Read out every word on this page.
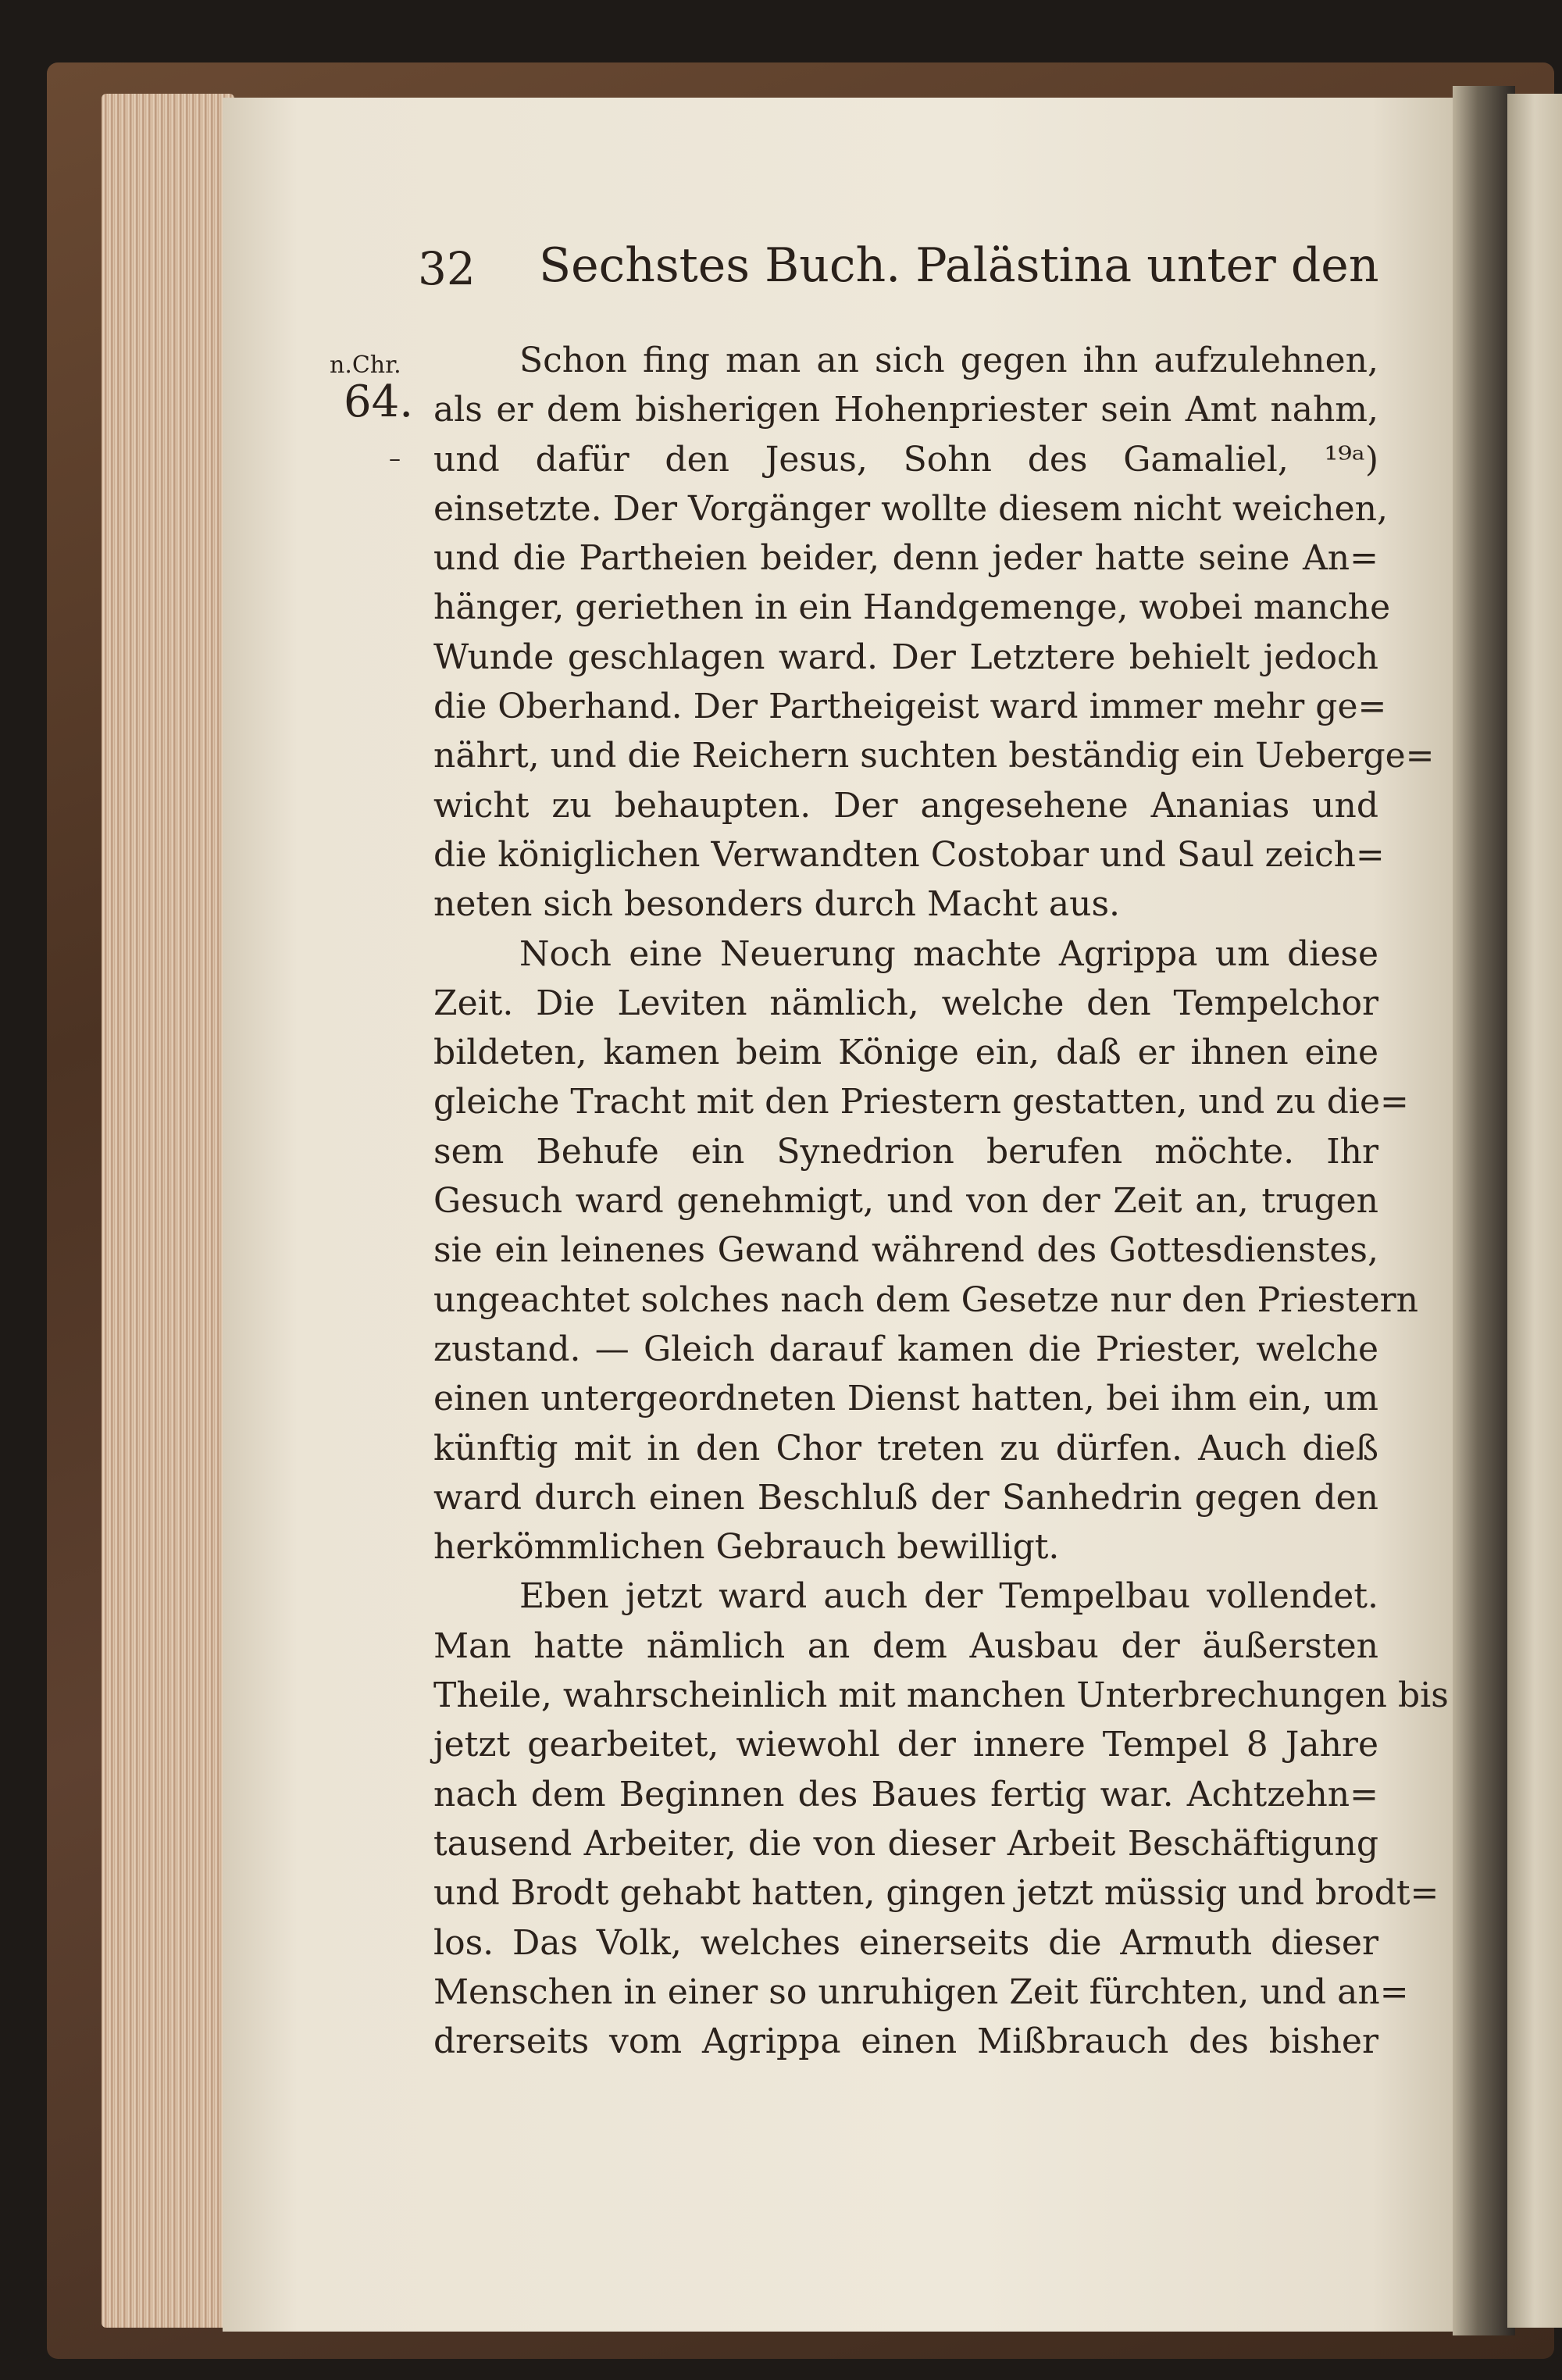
32 Sechstes Buch. Palästina unter den
n.Chr.
64.
–
Schon fing man an sich gegen ihn aufzulehnen,
als er dem bisherigen Hohenpriester sein Amt nahm,
und dafür den Jesus, Sohn des Gamaliel, ¹⁹ᵃ)
einsetzte. Der Vorgänger wollte diesem nicht weichen,
und die Partheien beider, denn jeder hatte seine An=
hänger, geriethen in ein Handgemenge, wobei manche
Wunde geschlagen ward. Der Letztere behielt jedoch
die Oberhand. Der Partheigeist ward immer mehr ge=
nährt, und die Reichern suchten beständig ein Ueberge=
wicht zu behaupten. Der angesehene Ananias und
die königlichen Verwandten Costobar und Saul zeich=
neten sich besonders durch Macht aus.
Noch eine Neuerung machte Agrippa um diese
Zeit. Die Leviten nämlich, welche den Tempelchor
bildeten, kamen beim Könige ein, daß er ihnen eine
gleiche Tracht mit den Priestern gestatten, und zu die=
sem Behufe ein Synedrion berufen möchte. Ihr
Gesuch ward genehmigt, und von der Zeit an, trugen
sie ein leinenes Gewand während des Gottesdienstes,
ungeachtet solches nach dem Gesetze nur den Priestern
zustand. — Gleich darauf kamen die Priester, welche
einen untergeordneten Dienst hatten, bei ihm ein, um
künftig mit in den Chor treten zu dürfen. Auch dieß
ward durch einen Beschluß der Sanhedrin gegen den
herkömmlichen Gebrauch bewilligt.
Eben jetzt ward auch der Tempelbau vollendet.
Man hatte nämlich an dem Ausbau der äußersten
Theile, wahrscheinlich mit manchen Unterbrechungen bis
jetzt gearbeitet, wiewohl der innere Tempel 8 Jahre
nach dem Beginnen des Baues fertig war. Achtzehn=
tausend Arbeiter, die von dieser Arbeit Beschäftigung
und Brodt gehabt hatten, gingen jetzt müssig und brodt=
los. Das Volk, welches einerseits die Armuth dieser
Menschen in einer so unruhigen Zeit fürchten, und an=
drerseits vom Agrippa einen Mißbrauch des bisher
